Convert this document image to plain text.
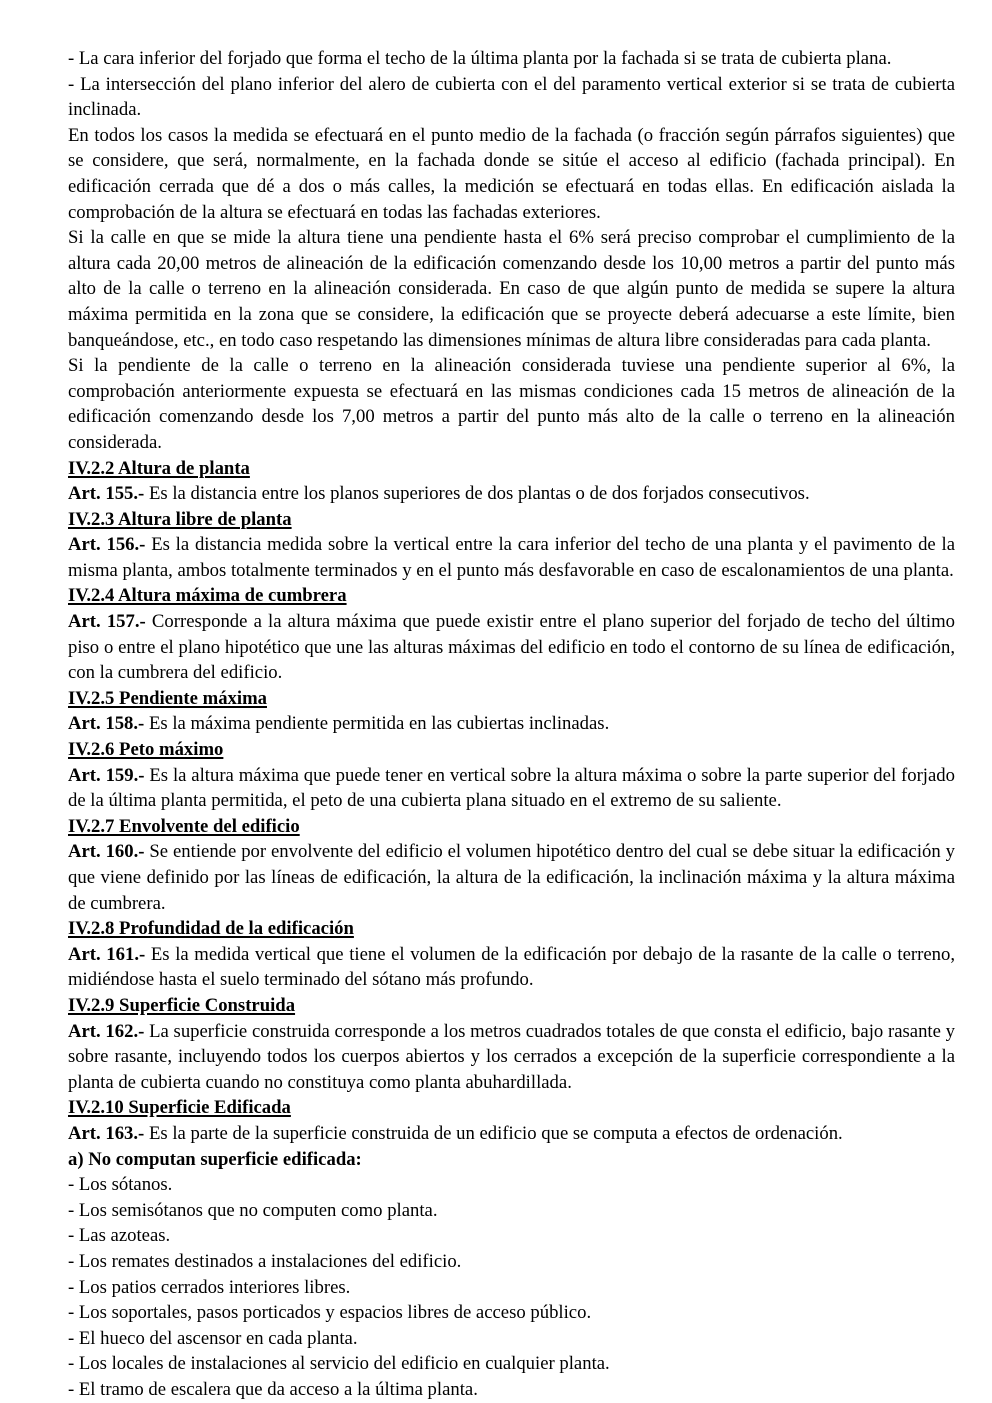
- La cara inferior del forjado que forma el techo de la última planta por la fachada si se trata de cubierta plana.

- La intersección del plano inferior del alero de cubierta con el del paramento vertical exterior si se trata de cubierta inclinada.

En todos los casos la medida se efectuará en el punto medio de la fachada (o fracción según párrafos siguientes) que se considere, que será, normalmente, en la fachada donde se sitúe el acceso al edificio (fachada principal). En edificación cerrada que dé a dos o más calles, la medición se efectuará en todas ellas. En edificación aislada la comprobación de la altura se efectuará en todas las fachadas exteriores.

Si la calle en que se mide la altura tiene una pendiente hasta el 6% será preciso comprobar el cumplimiento de la altura cada 20,00 metros de alineación de la edificación comenzando desde los 10,00 metros a partir del punto más alto de la calle o terreno en la alineación considerada. En caso de que algún punto de medida se supere la altura máxima permitida en la zona que se considere, la edificación que se proyecte deberá adecuarse a este límite, bien banqueándose, etc., en todo caso respetando las dimensiones mínimas de altura libre consideradas para cada planta.

Si la pendiente de la calle o terreno en la alineación considerada tuviese una pendiente superior al 6%, la comprobación anteriormente expuesta se efectuará en las mismas condiciones cada 15 metros de alineación de la edificación comenzando desde los 7,00 metros a partir del punto más alto de la calle o terreno en la alineación considerada.

IV.2.2 Altura de planta

Art. 155.- Es la distancia entre los planos superiores de dos plantas o de dos forjados consecutivos.

IV.2.3 Altura libre de planta

Art. 156.- Es la distancia medida sobre la vertical entre la cara inferior del techo de una planta y el pavimento de la misma planta, ambos totalmente terminados y en el punto más desfavorable en caso de escalonamientos de una planta.

IV.2.4 Altura máxima de cumbrera

Art. 157.- Corresponde a la altura máxima que puede existir entre el plano superior del forjado de techo del último piso o entre el plano hipotético que une las alturas máximas del edificio en todo el contorno de su línea de edificación, con la cumbrera del edificio.

IV.2.5 Pendiente máxima

Art. 158.- Es la máxima pendiente permitida en las cubiertas inclinadas.

IV.2.6 Peto máximo

Art. 159.- Es la altura máxima que puede tener en vertical sobre la altura máxima o sobre la parte superior del forjado de la última planta permitida, el peto de una cubierta plana situado en el extremo de su saliente.

IV.2.7 Envolvente del edificio

Art. 160.- Se entiende por envolvente del edificio el volumen hipotético dentro del cual se debe situar la edificación y que viene definido por las líneas de edificación, la altura de la edificación, la inclinación máxima y la altura máxima de cumbrera.

IV.2.8 Profundidad de la edificación

Art. 161.- Es la medida vertical que tiene el volumen de la edificación por debajo de la rasante de la calle o terreno, midiéndose hasta el suelo terminado del sótano más profundo.

IV.2.9 Superficie Construida

Art. 162.- La superficie construida corresponde a los metros cuadrados totales de que consta el edificio, bajo rasante y sobre rasante, incluyendo todos los cuerpos abiertos y los cerrados a excepción de la superficie correspondiente a la planta de cubierta cuando no constituya como planta abuhardillada.

IV.2.10 Superficie Edificada

Art. 163.- Es la parte de la superficie construida de un edificio que se computa a efectos de ordenación.

a) No computan superficie edificada:

- Los sótanos.

- Los semisótanos que no computen como planta.

- Las azoteas.

- Los remates destinados a instalaciones del edificio.

- Los patios cerrados interiores libres.

- Los soportales, pasos porticados y espacios libres de acceso público.

- El hueco del ascensor en cada planta.

- Los locales de instalaciones al servicio del edificio en cualquier planta.

- El tramo de escalera que da acceso a la última planta.
